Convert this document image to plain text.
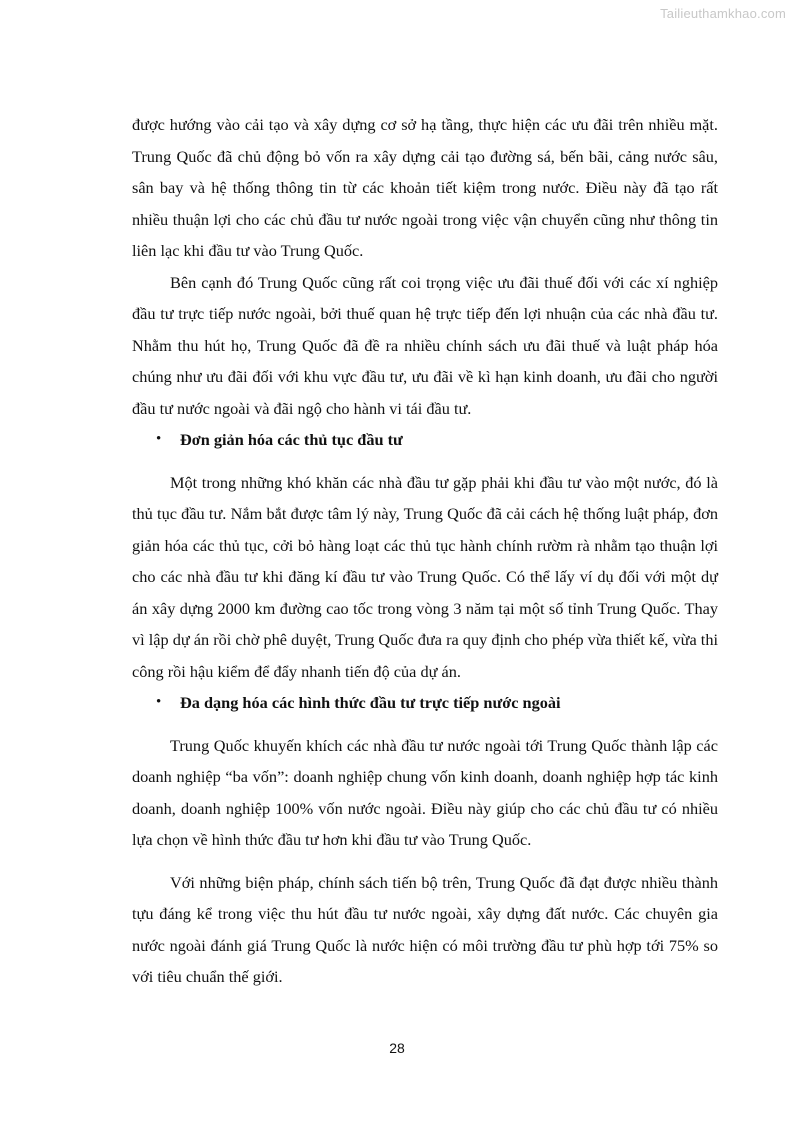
Tailieuthamkhao.com

được hướng vào cải tạo và xây dựng cơ sở hạ tầng, thực hiện các ưu đãi trên nhiều mặt. Trung Quốc đã chủ động bỏ vốn ra xây dựng cải tạo đường sá, bến bãi, cảng nước sâu, sân bay và hệ thống thông tin từ các khoản tiết kiệm trong nước. Điều này đã tạo rất nhiều thuận lợi cho các chủ đầu tư nước ngoài trong việc vận chuyển cũng như thông tin liên lạc khi đầu tư vào Trung Quốc.

Bên cạnh đó Trung Quốc cũng rất coi trọng việc ưu đãi thuế đối với các xí nghiệp đầu tư trực tiếp nước ngoài, bởi thuế quan hệ trực tiếp đến lợi nhuận của các nhà đầu tư. Nhằm thu hút họ, Trung Quốc đã đề ra nhiều chính sách ưu đãi thuế và luật pháp hóa chúng như ưu đãi đối với khu vực đầu tư, ưu đãi về kì hạn kinh doanh, ưu đãi cho người đầu tư nước ngoài và đãi ngộ cho hành vi tái đầu tư.

• Đơn giản hóa các thủ tục đầu tư

Một trong những khó khăn các nhà đầu tư gặp phải khi đầu tư vào một nước, đó là thủ tục đầu tư. Nắm bắt được tâm lý này, Trung Quốc đã cải cách hệ thống luật pháp, đơn giản hóa các thủ tục, cởi bỏ hàng loạt các thủ tục hành chính rườm rà nhằm tạo thuận lợi cho các nhà đầu tư khi đăng kí đầu tư vào Trung Quốc. Có thể lấy ví dụ đối với một dự án xây dựng 2000 km đường cao tốc trong vòng 3 năm tại một số tỉnh Trung Quốc. Thay vì lập dự án rồi chờ phê duyệt, Trung Quốc đưa ra quy định cho phép vừa thiết kế, vừa thi công rồi hậu kiểm để đẩy nhanh tiến độ của dự án.

• Đa dạng hóa các hình thức đầu tư trực tiếp nước ngoài

Trung Quốc khuyến khích các nhà đầu tư nước ngoài tới Trung Quốc thành lập các doanh nghiệp “ba vốn”: doanh nghiệp chung vốn kinh doanh, doanh nghiệp hợp tác kinh doanh, doanh nghiệp 100% vốn nước ngoài. Điều này giúp cho các chủ đầu tư có nhiều lựa chọn về hình thức đầu tư hơn khi đầu tư vào Trung Quốc.

Với những biện pháp, chính sách tiến bộ trên, Trung Quốc đã đạt được nhiều thành tựu đáng kể trong việc thu hút đầu tư nước ngoài, xây dựng đất nước. Các chuyên gia nước ngoài đánh giá Trung Quốc là nước hiện có môi trường đầu tư phù hợp tới 75% so với tiêu chuẩn thế giới.

28
